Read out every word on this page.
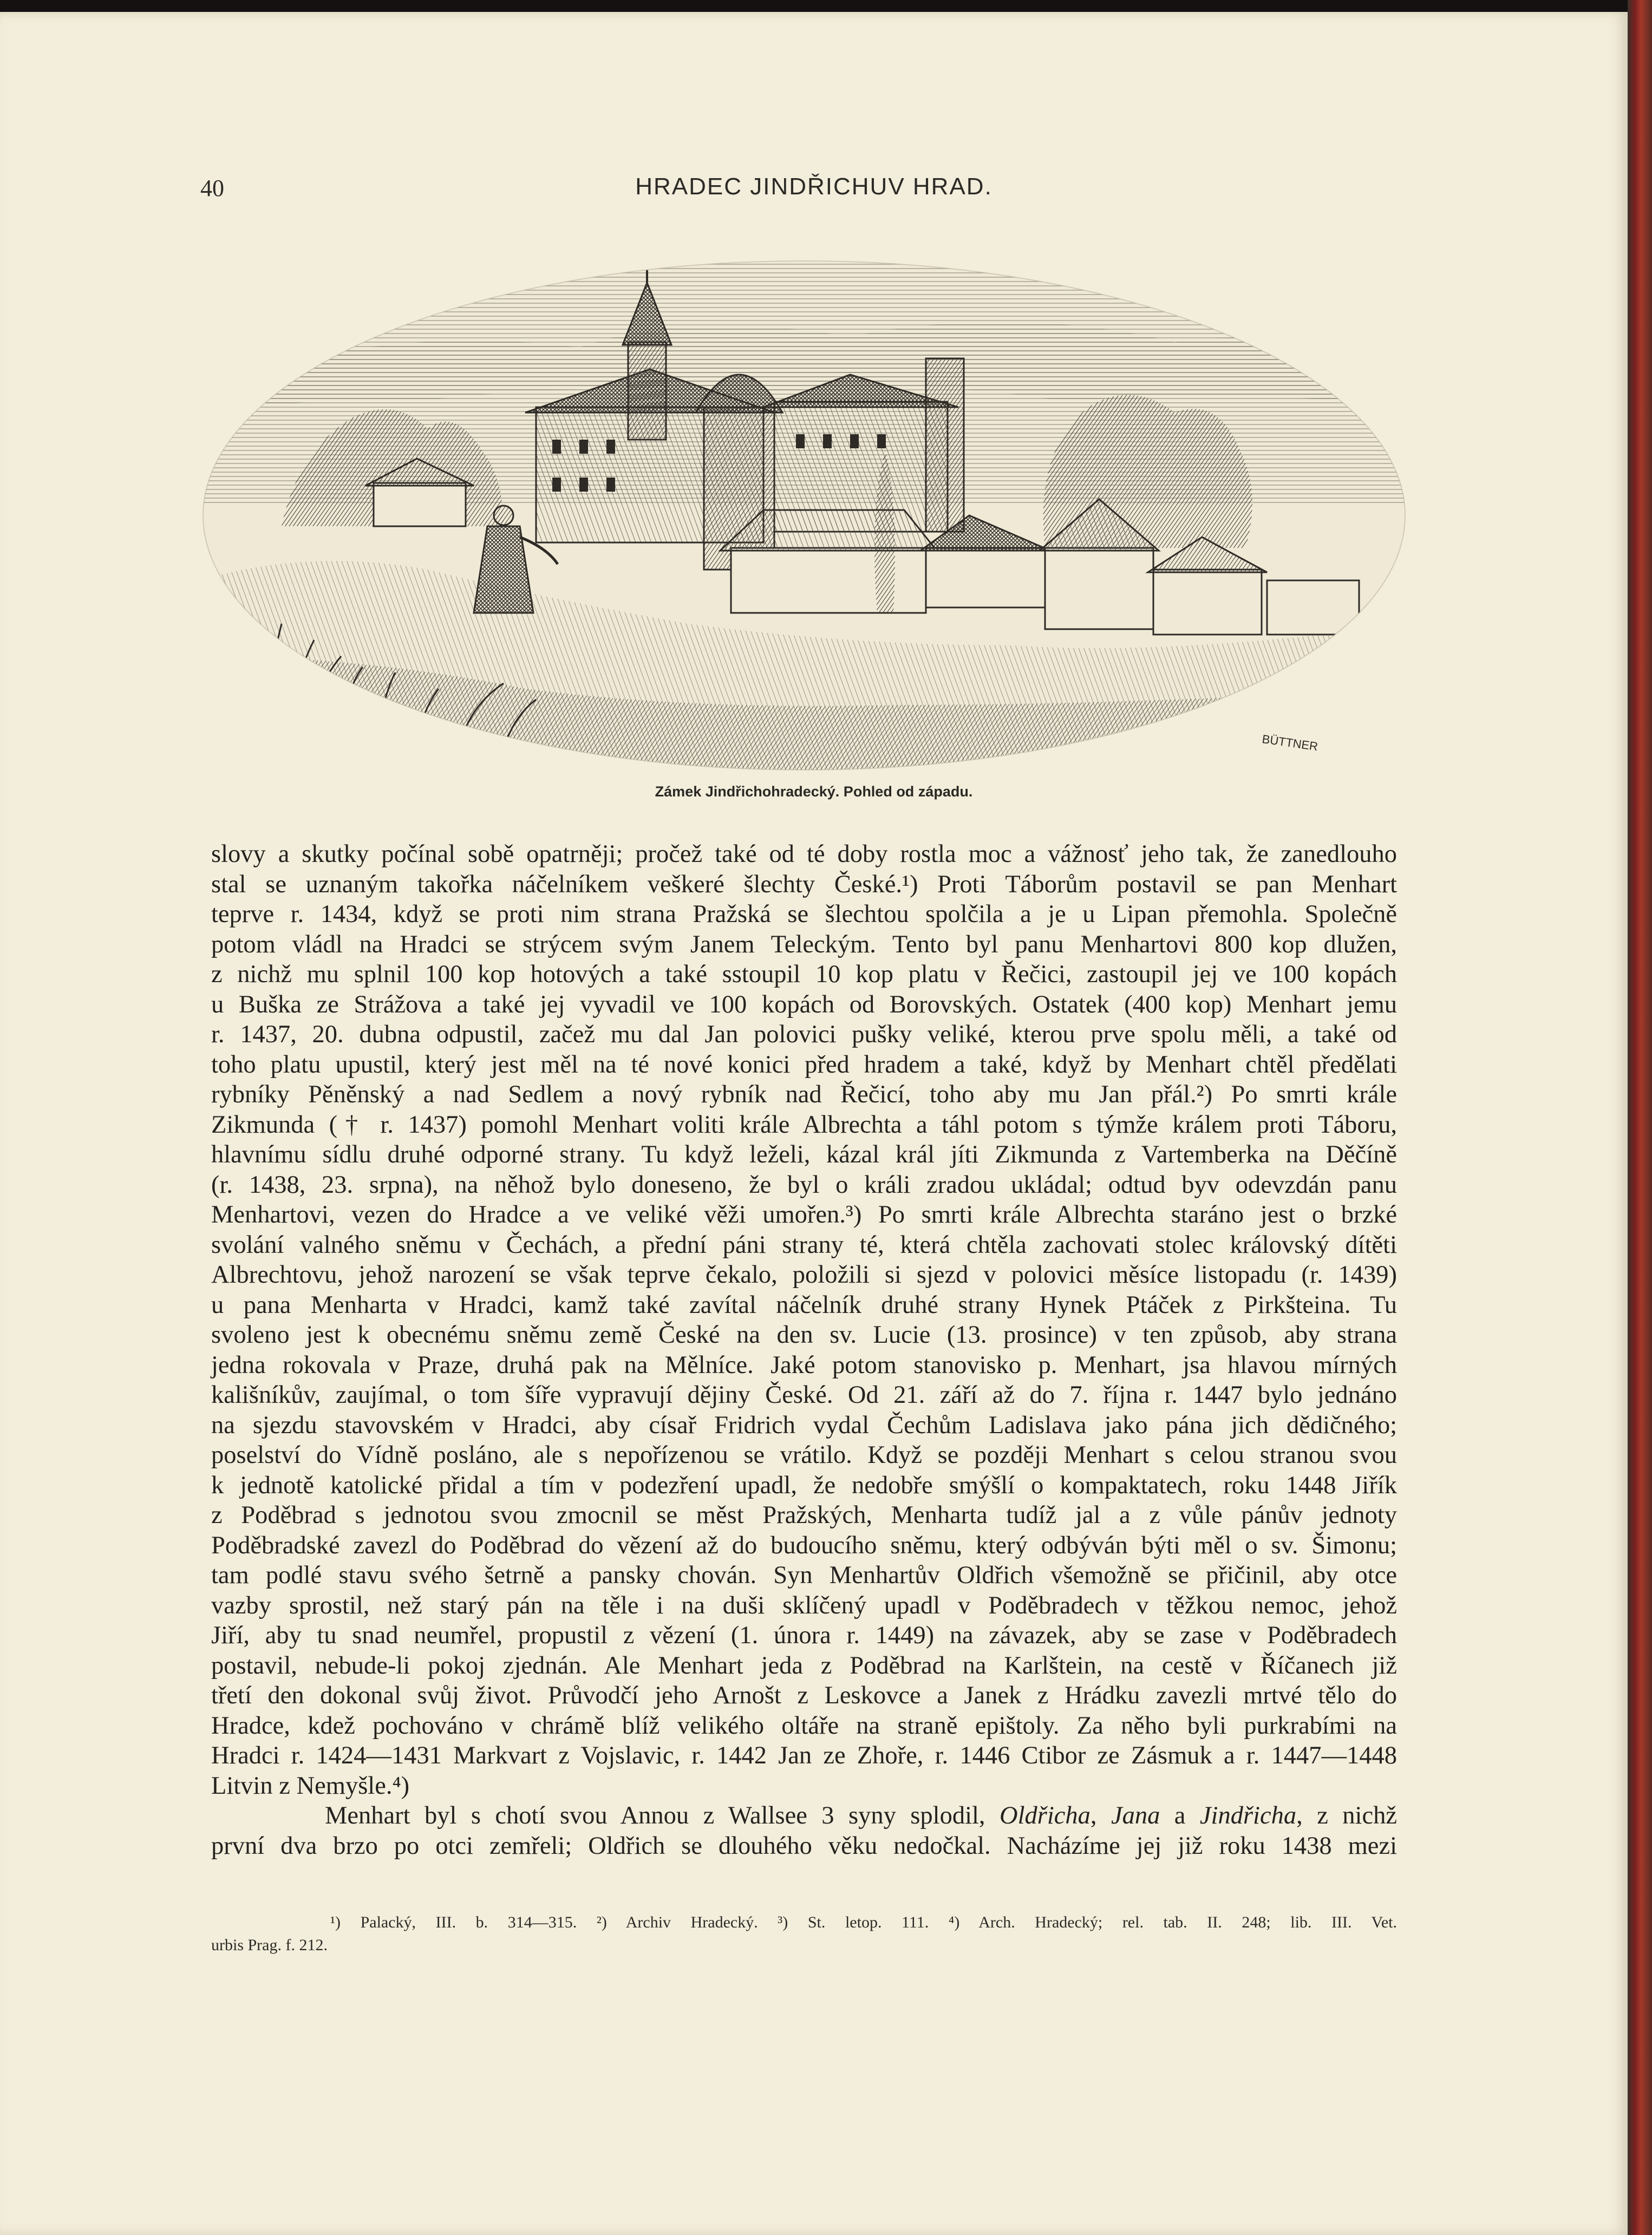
40	HRADEC JINDŘICHUV HRAD.
BÜTTNER
Zámek Jindřichohradecký. Pohled od západu.
slovy a skutky počínal sobě opatrněji; pročež také od té doby rostla moc a vážnosť jeho tak, že zanedlouho
stal se uznaným takořka náčelníkem veškeré šlechty České.¹) Proti Táborům postavil se pan Menhart
teprve r. 1434, když se proti nim strana Pražská se šlechtou spolčila a je u Lipan přemohla. Společně
potom vládl na Hradci se strýcem svým Janem Teleckým. Tento byl panu Menhartovi 800 kop dlužen,
z nichž mu splnil 100 kop hotových a také sstoupil 10 kop platu v Řečici, zastoupil jej ve 100 kopách
u Buška ze Strážova a také jej vyvadil ve 100 kopách od Borovských. Ostatek (400 kop) Menhart jemu
r. 1437, 20. dubna odpustil, začež mu dal Jan polovici pušky veliké, kterou prve spolu měli, a také od
toho platu upustil, který jest měl na té nové konici před hradem a také, když by Menhart chtěl předělati
rybníky Pěněnský a nad Sedlem a nový rybník nad Řečicí, toho aby mu Jan přál.²) Po smrti krále
Zikmunda († r. 1437) pomohl Menhart voliti krále Albrechta a táhl potom s týmže králem proti Táboru,
hlavnímu sídlu druhé odporné strany. Tu když leželi, kázal král jíti Zikmunda z Vartemberka na Děčíně
(r. 1438, 23. srpna), na něhož bylo doneseno, že byl o králi zradou ukládal; odtud byv odevzdán panu
Menhartovi, vezen do Hradce a ve veliké věži umořen.³) Po smrti krále Albrechta staráno jest o brzké
svolání valného sněmu v Čechách, a přední páni strany té, která chtěla zachovati stolec královský dítěti
Albrechtovu, jehož narození se však teprve čekalo, položili si sjezd v polovici měsíce listopadu (r. 1439)
u pana Menharta v Hradci, kamž také zavítal náčelník druhé strany Hynek Ptáček z Pirkšteina. Tu
svoleno jest k obecnému sněmu země České na den sv. Lucie (13. prosince) v ten způsob, aby strana
jedna rokovala v Praze, druhá pak na Mělníce. Jaké potom stanovisko p. Menhart, jsa hlavou mírných
kališníkův, zaujímal, o tom šíře vypravují dějiny České. Od 21. září až do 7. října r. 1447 bylo jednáno
na sjezdu stavovském v Hradci, aby císař Fridrich vydal Čechům Ladislava jako pána jich dědičného;
poselství do Vídně posláno, ale s nepořízenou se vrátilo. Když se později Menhart s celou stranou svou
k jednotě katolické přidal a tím v podezření upadl, že nedobře smýšlí o kompaktatech, roku 1448 Jiřík
z Poděbrad s jednotou svou zmocnil se měst Pražských, Menharta tudíž jal a z vůle pánův jednoty
Poděbradské zavezl do Poděbrad do vězení až do budoucího sněmu, který odbýván býti měl o sv. Šimonu;
tam podlé stavu svého šetrně a pansky chován. Syn Menhartův Oldřich všemožně se přičinil, aby otce
vazby sprostil, než starý pán na těle i na duši sklíčený upadl v Poděbradech v těžkou nemoc, jehož
Jiří, aby tu snad neumřel, propustil z vězení (1. února r. 1449) na závazek, aby se zase v Poděbradech
postavil, nebude-li pokoj zjednán. Ale Menhart jeda z Poděbrad na Karlštein, na cestě v Říčanech již
třetí den dokonal svůj život. Průvodčí jeho Arnošt z Leskovce a Janek z Hrádku zavezli mrtvé tělo do
Hradce, kdež pochováno v chrámě blíž velikého oltáře na straně epištoly. Za něho byli purkrabími na
Hradci r. 1424—1431 Markvart z Vojslavic, r. 1442 Jan ze Zhoře, r. 1446 Ctibor ze Zásmuk a r. 1447—1448
Litvin z Nemyšle.⁴)
Menhart byl s chotí svou Annou z Wallsee 3 syny splodil, Oldřicha, Jana a Jindřicha, z nichž
první dva brzo po otci zemřeli; Oldřich se dlouhého věku nedočkal. Nacházíme jej již roku 1438 mezi
¹) Palacký, III. b. 314—315. ²) Archiv Hradecký. ³) St. letop. 111. ⁴) Arch. Hradecký; rel. tab. II. 248; lib. III. Vet.
urbis Prag. f. 212.
